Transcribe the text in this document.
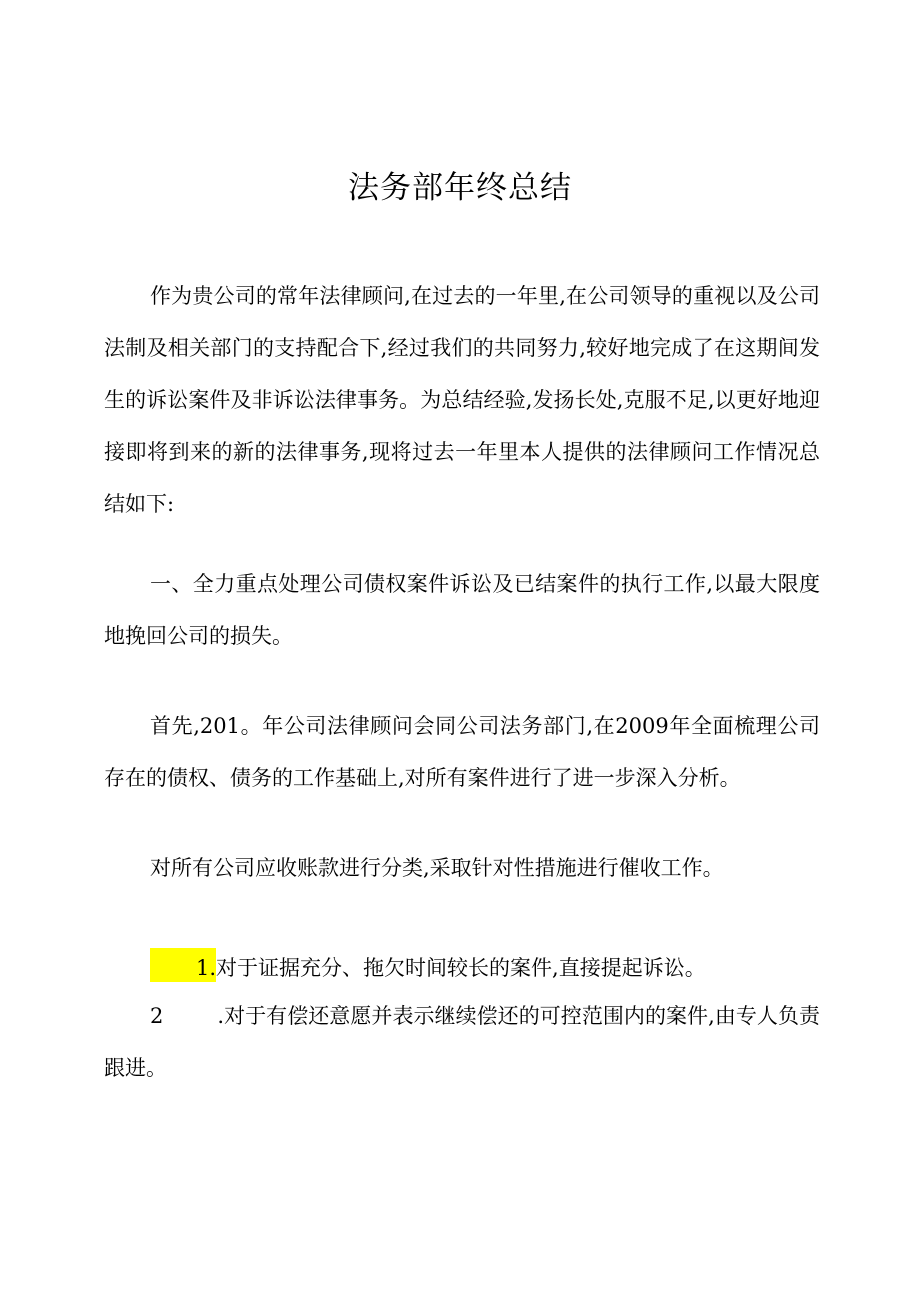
法务部年终总结

作为贵公司的常年法律顾问,在过去的一年里,在公司领导的重视以及公司法制及相关部门的支持配合下,经过我们的共同努力,较好地完成了在这期间发生的诉讼案件及非诉讼法律事务。为总结经验,发扬长处,克服不足,以更好地迎接即将到来的新的法律事务,现将过去一年里本人提供的法律顾问工作情况总结如下:

一、全力重点处理公司债权案件诉讼及已结案件的执行工作,以最大限度地挽回公司的损失。

首先,201。年公司法律顾问会同公司法务部门,在2009年全面梳理公司存在的债权、债务的工作基础上,对所有案件进行了进一步深入分析。

对所有公司应收账款进行分类,采取针对性措施进行催收工作。

1.对于证据充分、拖欠时间较长的案件,直接提起诉讼。

2	.对于有偿还意愿并表示继续偿还的可控范围内的案件,由专人负责跟进。
